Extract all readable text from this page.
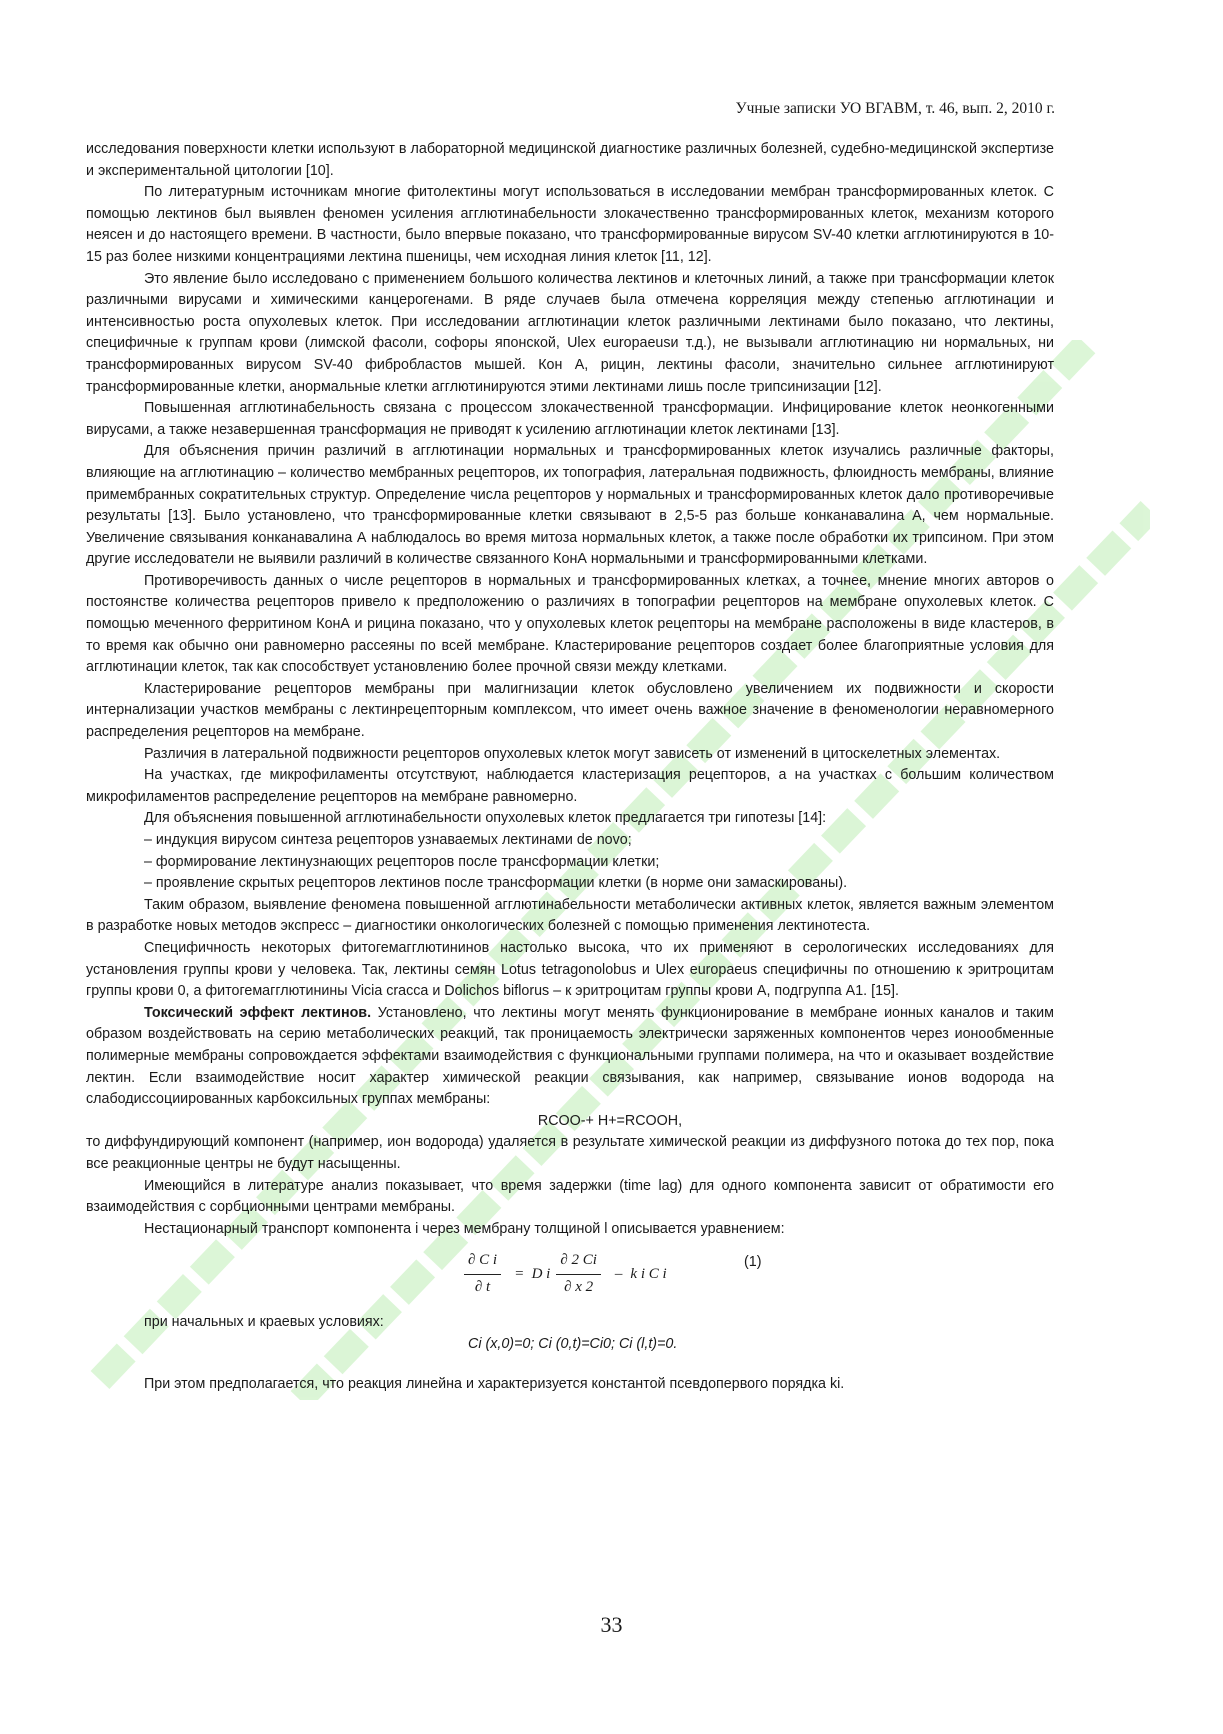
Учные записки УО ВГАВМ, т. 46, вып. 2, 2010 г.

исследования поверхности клетки используют в лабораторной медицинской диагностике различных болезней, судебно-медицинской экспертизе и экспериментальной цитологии [10].

По литературным источникам многие фитолектины могут использоваться в исследовании мембран трансформированных клеток. С помощью лектинов был выявлен феномен усиления агглютинабельности злокачественно трансформированных клеток, механизм которого неясен и до настоящего времени. В частности, было впервые показано, что трансформированные вирусом SV-40 клетки агглютинируются в 10-15 раз более низкими концентрациями лектина пшеницы, чем исходная линия клеток [11, 12].

Это явление было исследовано с применением большого количества лектинов и клеточных линий, а также при трансформации клеток различными вирусами и химическими канцерогенами. В ряде случаев была отмечена корреляция между степенью агглютинации и интенсивностью роста опухолевых клеток. При исследовании агглютинации клеток различными лектинами было показано, что лектины, специфичные к группам крови (лимской фасоли, софоры японской, Ulex europaeusи т.д.), не вызывали агглютинацию ни нормальных, ни трансформированных вирусом SV-40 фибробластов мышей. Кон А, рицин, лектины фасоли, значительно сильнее агглютинируют трансформированные клетки, анормальные клетки агглютинируются этими лектинами лишь после трипсинизации [12].

Повышенная агглютинабельность связана с процессом злокачественной трансформации. Инфицирование клеток неонкогенными вирусами, а также незавершенная трансформация не приводят к усилению агглютинации клеток лектинами [13].

Для объяснения причин различий в агглютинации нормальных и трансформированных клеток изучались различные факторы, влияющие на агглютинацию – количество мембранных рецепторов, их топография, латеральная подвижность, флюидность мембраны, влияние примембранных сократительных структур. Определение числа рецепторов у нормальных и трансформированных клеток дало противоречивые результаты [13]. Было установлено, что трансформированные клетки связывают в 2,5-5 раз больше конканавалина А, чем нормальные. Увеличение связывания конканавалина А наблюдалось во время митоза нормальных клеток, а также после обработки их трипсином. При этом другие исследователи не выявили различий в количестве связанного КонА нормальными и трансформированными клетками.

Противоречивость данных о числе рецепторов в нормальных и трансформированных клетках, а точнее, мнение многих авторов о постоянстве количества рецепторов привело к предположению о различиях в топографии рецепторов на мембране опухолевых клеток. С помощью меченного ферритином КонА и рицина показано, что у опухолевых клеток рецепторы на мембране расположены в виде кластеров, в то время как обычно они равномерно рассеяны по всей мембране. Кластерирование рецепторов создает более благоприятные условия для агглютинации клеток, так как способствует установлению более прочной связи между клетками.

Кластерирование рецепторов мембраны при малигнизации клеток обусловлено увеличением их подвижности и скорости интернализации участков мембраны с лектинрецепторным комплексом, что имеет очень важное значение в феноменологии неравномерного распределения рецепторов на мембране.

Различия в латеральной подвижности рецепторов опухолевых клеток могут зависеть от изменений в цитоскелетных элементах.

На участках, где микрофиламенты отсутствуют, наблюдается кластеризация рецепторов, а на участках с большим количеством микрофиламентов распределение рецепторов на мембране равномерно.

Для объяснения повышенной агглютинабельности опухолевых клеток предлагается три гипотезы [14]:

– индукция вирусом синтеза рецепторов узнаваемых лектинами de novo;

– формирование лектинузнающих рецепторов после трансформации клетки;

– проявление скрытых рецепторов лектинов после трансформации клетки (в норме они замаскированы).

Таким образом, выявление феномена повышенной агглютинабельности метаболически активных клеток, является важным элементом в разработке новых методов экспресс – диагностики онкологических болезней с помощью применения лектинотеста.

Специфичность некоторых фитогемагглютининов настолько высока, что их применяют в серологических исследованиях для установления группы крови у человека. Так, лектины семян Lotus tetragonolobus и Ulex europaeus специфичны по отношению к эритроцитам группы крови 0, а фитогемагглютинины Vicia cracca и Dolichos biflorus – к эритроцитам группы крови А, подгруппа А1. [15].

Токсический эффект лектинов. Установлено, что лектины могут менять функционирование в мембране ионных каналов и таким образом воздействовать на серию метаболических реакций, так проницаемость электрически заряженных компонентов через ионообменные полимерные мембраны сопровождается эффектами взаимодействия с функциональными группами полимера, на что и оказывает воздействие лектин. Если взаимодействие носит характер химической реакции связывания, как например, связывание ионов водорода на слабодиссоциированных карбоксильных группах мембраны:

RCOO-+ H+=RCOOH,

то диффундирующий компонент (например, ион водорода) удаляется в результате химической реакции из диффузного потока до тех пор, пока все реакционные центры не будут насыщенны.

Имеющийся в литературе анализ показывает, что время задержки (time lag) для одного компонента зависит от обратимости его взаимодействия с сорбционными центрами мембраны.

Нестационарный транспорт компонента i через мембрану толщиной l описывается уравнением:

$\frac{\text{∂ C i}}{\partial t} = D$ i $\frac{\partial 2 Ci}{\partial x 2}$ – k i C i
(1)
при начальных и краевых условиях:
Ci (x,0)=0; Ci (0,t)=Ci0; Ci (l,t)=0.

При этом предполагается, что реакция линейна и характеризуется константой псевдопервого порядка ki.

33
